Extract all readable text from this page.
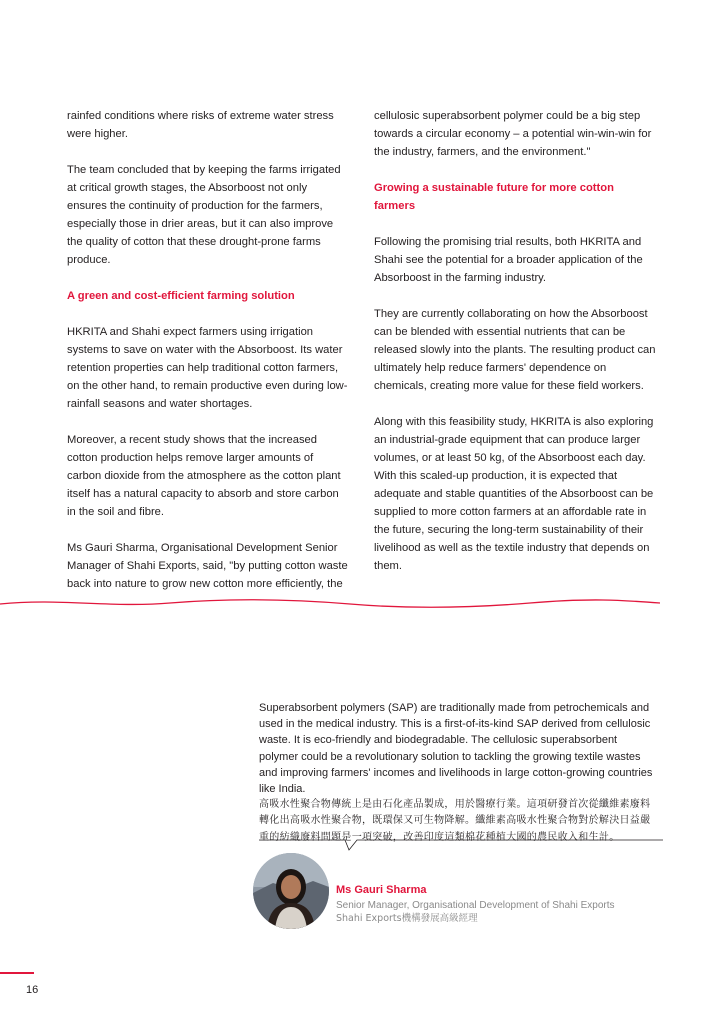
rainfed conditions where risks of extreme water stress were higher.

The team concluded that by keeping the farms irrigated at critical growth stages, the Absorboost not only ensures the continuity of production for the farmers, especially those in drier areas, but it can also improve the quality of cotton that these drought-prone farms produce.

A green and cost-efficient farming solution

HKRITA and Shahi expect farmers using irrigation systems to save on water with the Absorboost. Its water retention properties can help traditional cotton farmers, on the other hand, to remain productive even during low-rainfall seasons and water shortages.

Moreover, a recent study shows that the increased cotton production helps remove larger amounts of carbon dioxide from the atmosphere as the cotton plant itself has a natural capacity to absorb and store carbon in the soil and fibre.

Ms Gauri Sharma, Organisational Development Senior Manager of Shahi Exports, said, "by putting cotton waste back into nature to grow new cotton more efficiently, the

cellulosic superabsorbent polymer could be a big step towards a circular economy – a potential win-win-win for the industry, farmers, and the environment."

Growing a sustainable future for more cotton farmers

Following the promising trial results, both HKRITA and Shahi see the potential for a broader application of the Absorboost in the farming industry.

They are currently collaborating on how the Absorboost can be blended with essential nutrients that can be released slowly into the plants. The resulting product can ultimately help reduce farmers' dependence on chemicals, creating more value for these field workers.

Along with this feasibility study, HKRITA is also exploring an industrial-grade equipment that can produce larger volumes, or at least 50 kg, of the Absorboost each day. With this scaled-up production, it is expected that adequate and stable quantities of the Absorboost can be supplied to more cotton farmers at an affordable rate in the future, securing the long-term sustainability of their livelihood as well as the textile industry that depends on them.

Superabsorbent polymers (SAP) are traditionally made from petrochemicals and used in the medical industry. This is a first-of-its-kind SAP derived from cellulosic waste. It is eco-friendly and biodegradable. The cellulosic superabsorbent polymer could be a revolutionary solution to tackling the growing textile wastes and improving farmers' incomes and livelihoods in large cotton-growing countries like India.

高吸水性聚合物傳統上是由石化產品製成，用於醫療行業。這項研發首次從纖維素廢料轉化出高吸水性聚合物，既環保又可生物降解。纖維素高吸水性聚合物對於解決日益嚴重的紡織廢料問題是一項突破，改善印度這類棉花種植大國的農民收入和生計。

Ms Gauri Sharma
Senior Manager, Organisational Development of Shahi Exports
Shahi Exports機構發展高級經理
16
